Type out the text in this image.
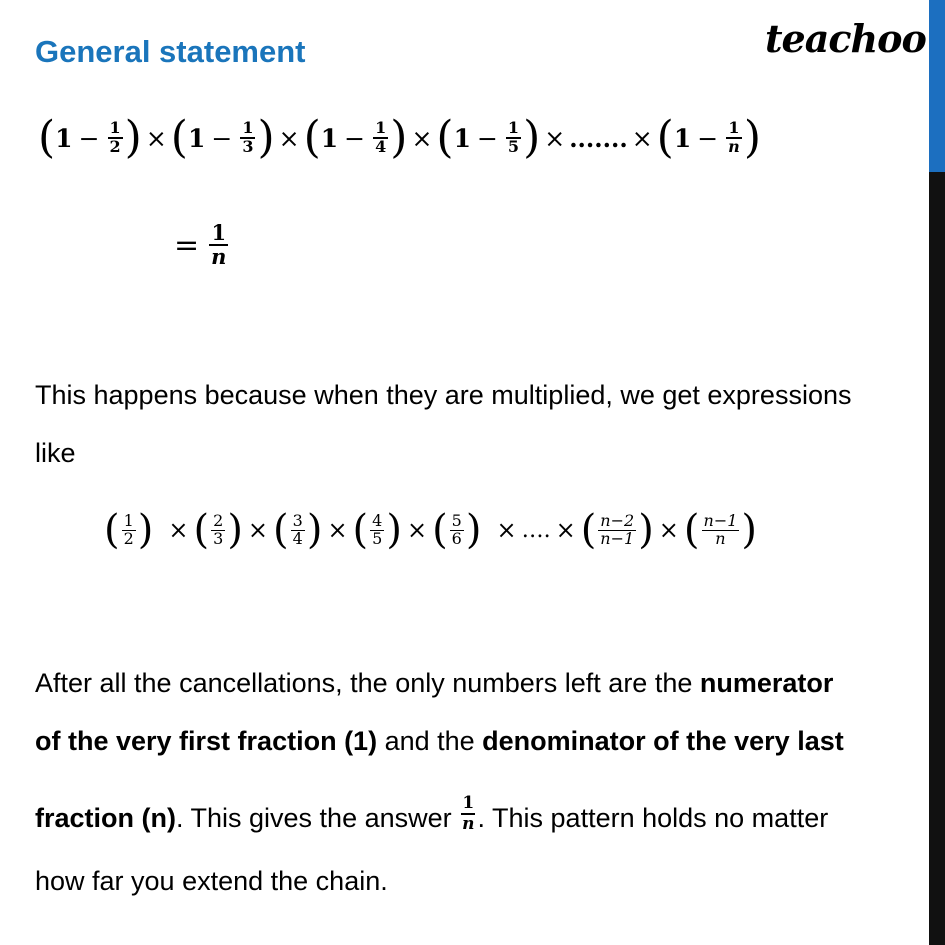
General statement	teachoo
( $1 - \frac{1}{2}$ ) × ( $1 - \frac{1}{3}$ ) × ( $1 - \frac{1}{4}$ ) × ( $1 - \frac{1}{5}$ ) × ....... × ( $1 - \frac{1}{n}$ )
= $\frac{1}{n}$
This happens because when they are multiplied, we get expressions
like
( $\frac{1}{2}$ ) × ( $\frac{2}{3}$ ) × ( $\frac{3}{4}$ ) × ( $\frac{4}{5}$ ) × ( $\frac{5}{6}$ ) × …. × ( $\frac{n-2}{n-1}$ ) × ( $\frac{n-1}{n}$ )
After all the cancellations, the only numbers left are the numerator
of the very first fraction (1) and the denominator of the very last
fraction (n). This gives the answer $\frac{1}{n}$ . This pattern holds no matter
how far you extend the chain.
